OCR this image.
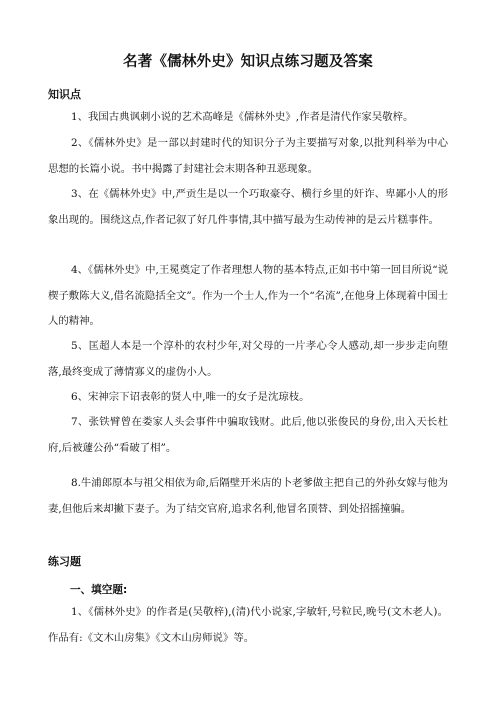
名著《儒林外史》知识点练习题及答案
知识点

1、我国古典讽刺小说的艺术高峰是《儒林外史》,作者是清代作家吴敬梓。

2、《儒林外史》是一部以封建时代的知识分子为主要描写对象,以批判科举为中心思想的长篇小说。书中揭露了封建社会末期各种丑恶现象。

3、在《儒林外史》中,严贡生是以一个巧取豪夺、横行乡里的奸诈、卑鄙小人的形象出现的。围绕这点,作者记叙了好几件事情,其中描写最为生动传神的是云片糕事件。

4、《儒林外史》中,王冕奠定了作者理想人物的基本特点,正如书中第一回目所说“说楔子敷陈大义,借名流隐括全文”。作为一个士人,作为一个“名流”,在他身上体现着中国士人的精神。

5、匡超人本是一个淳朴的农村少年,对父母的一片孝心令人感动,却一步步走向堕落,最终变成了薄情寡义的虚伪小人。

6、宋神宗下诏表彰的贤人中,唯一的女子是沈琼枝。

7、张铁臂曾在娄家人头会事件中骗取钱财。此后,他以张俊民的身份,出入天长杜府,后被蘧公孙“看破了相”。

8.牛浦郎原本与祖父相依为命,后隔壁开米店的卜老爹做主把自己的外孙女嫁与他为妻,但他后来却撇下妻子。为了结交官府,追求名利,他冒名顶替、到处招摇撞骗。

练习题
一、填空题:

1、《儒林外史》的作者是(吴敬梓),(清)代小说家,字敏轩,号粒民,晚号(文木老人)。作品有:《文木山房集》《文木山房师说》等。
